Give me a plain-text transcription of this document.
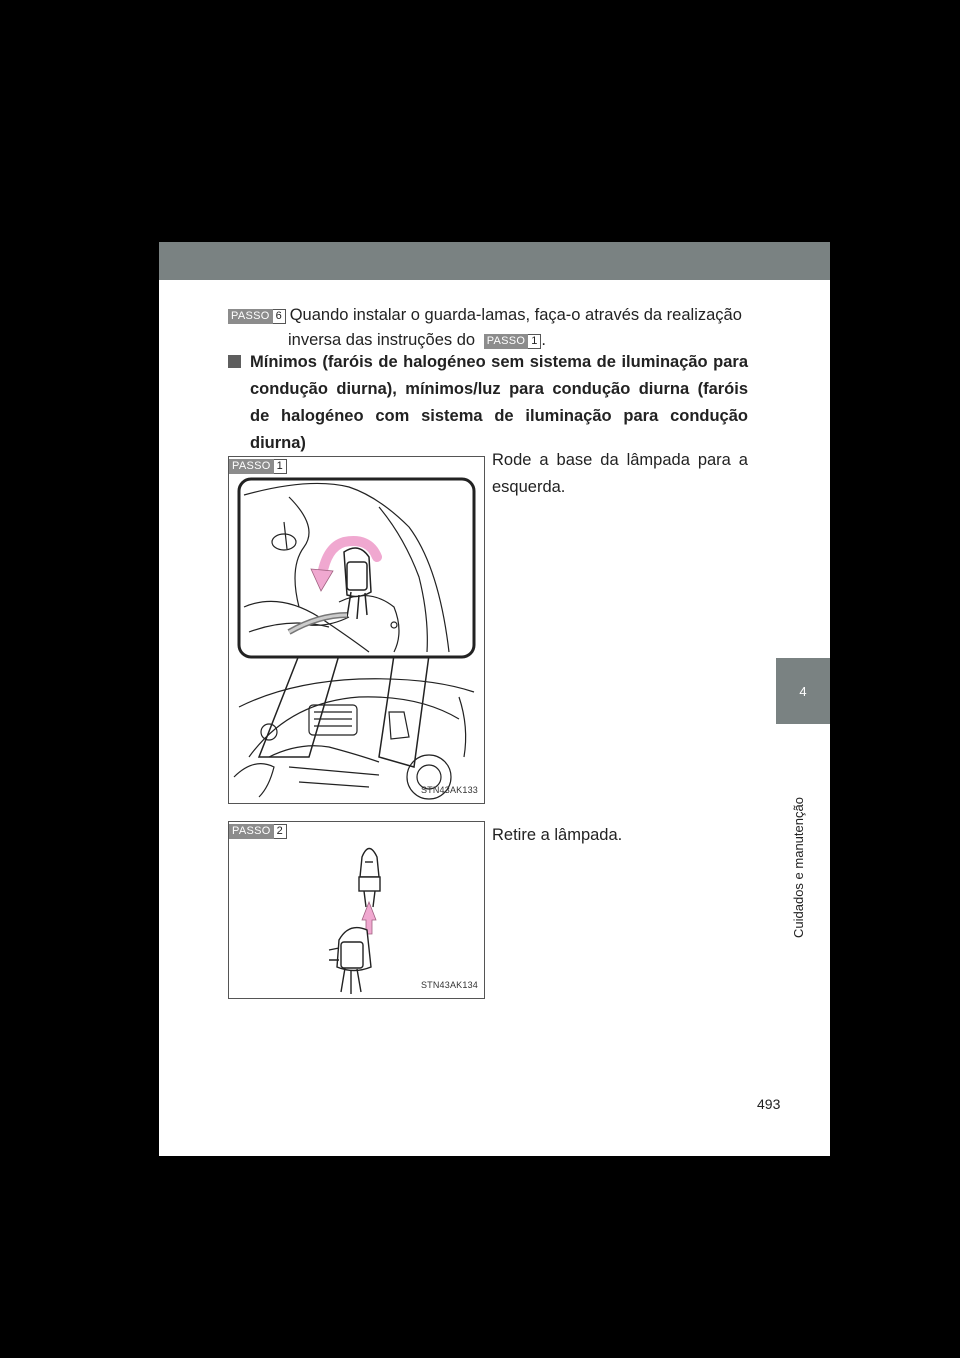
PASSO 6 Quando instalar o guarda-lamas, faça-o através da realização
inversa das instruções do PASSO 1 .
Mínimos (faróis de halogéneo sem sistema de iluminação para condução diurna), mínimos/luz para condução diurna (faróis de halogéneo com sistema de iluminação para condução diurna)
PASSO 1
STN43AK133
Rode a base da lâmpada para a esquerda.
PASSO 2
STN43AK134
Retire a lâmpada.
4
Cuidados e manutenção
493
